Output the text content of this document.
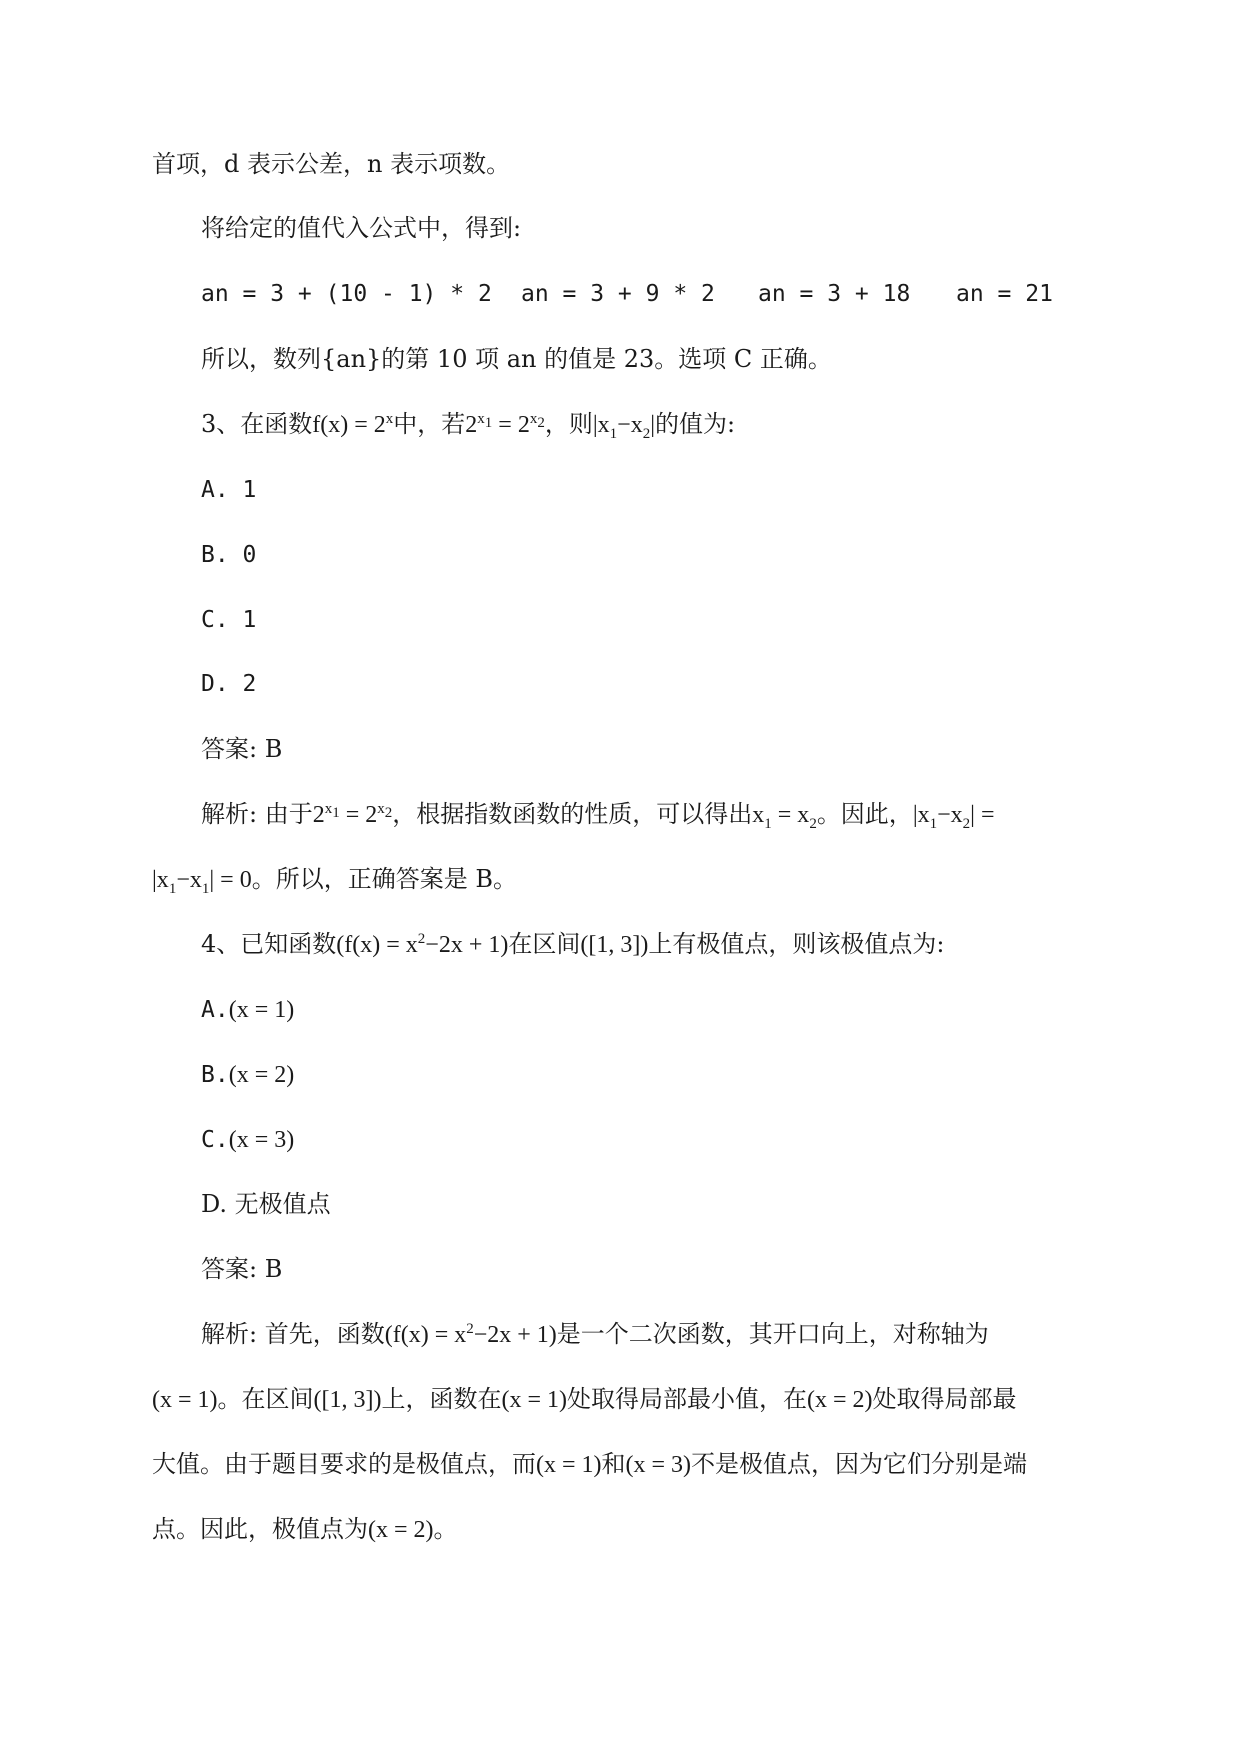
首项，d 表示公差，n 表示项数。
将给定的值代入公式中，得到:
an = 3 + (10 - 1) * 2 an = 3 + 9 * 2 an = 3 + 18 an = 21
所以，数列{an}的第 10 项 an 的值是 23。选项 C 正确。
3、在函数$f(x) = 2^x$中，若$2^{x_1} = 2^{x_2}$，则$|x_1-x_2|$的值为:
A. 1
B. 0
C. 1
D. 2
答案: B
解析: 由于$2^{x_1} = 2^{x_2}$，根据指数函数的性质，可以得出$x_1 = x_2$。因此，$|x_1-x_2|$ =
$|x_1-x_1| = 0$。所以，正确答案是 B。
4、已知函数$(f(x) = x^2-2x + 1)$在区间([1, 3])上有极值点，则该极值点为:
A.(x = 1)
B.(x = 2)
C.(x = 3)
D. 无极值点
答案: B
解析: 首先，函数$(f(x) = x^2-2x + 1)$是一个二次函数，其开口向上，对称轴为
(x = 1)。在区间([1, 3])上，函数在(x = 1)处取得局部最小值，在(x = 2)处取得局部最
大值。由于题目要求的是极值点，而(x = 1)和(x = 3)不是极值点，因为它们分别是端
点。因此，极值点为(x = 2)。
